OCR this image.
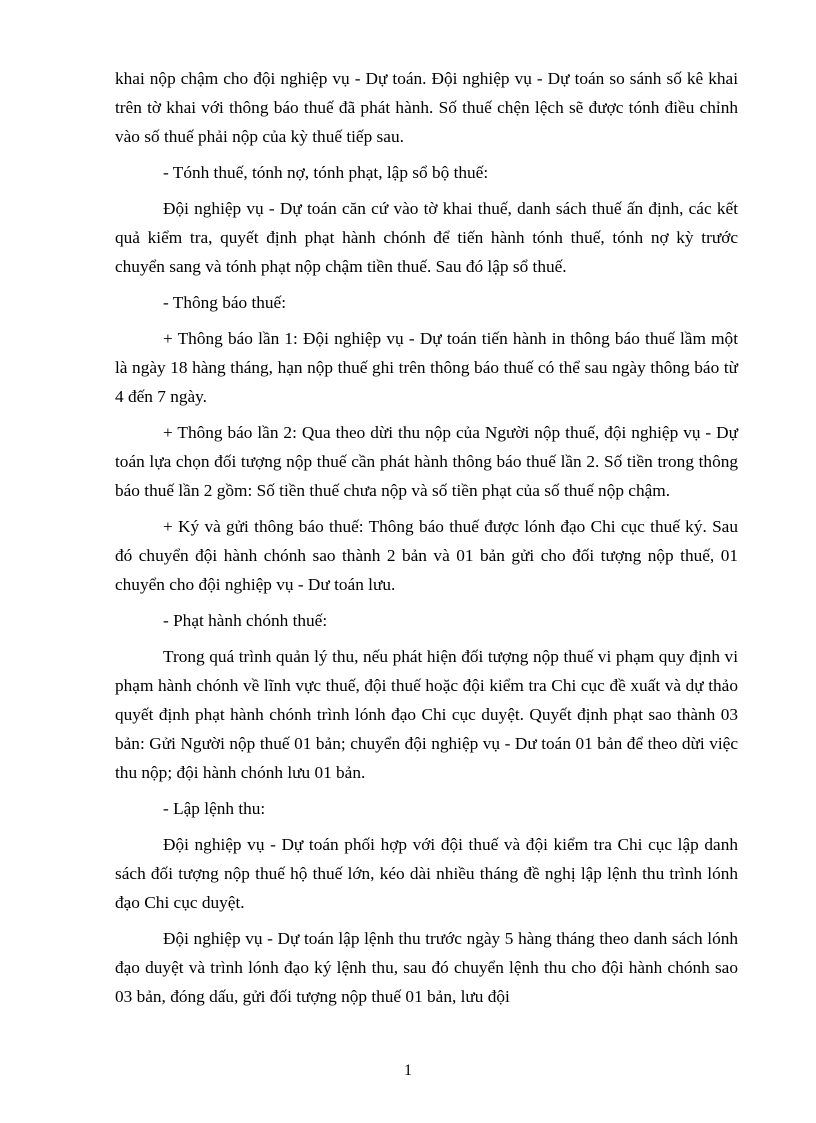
khai nộp chậm cho đội nghiệp vụ - Dự toán. Đội nghiệp vụ - Dự toán so sánh số kê khai trên tờ khai với thông báo thuế đã phát hành. Số thuế chện lệch sẽ được tónh điều chỉnh vào số thuế phải nộp của kỳ thuế tiếp sau.

- Tónh thuế, tónh nợ, tónh phạt, lập sổ bộ thuế:

Đội nghiệp vụ - Dự toán căn cứ vào tờ khai thuế, danh sách thuế ấn định, các kết quả kiểm tra, quyết định phạt hành chónh để tiến hành tónh thuế, tónh nợ kỳ trước chuyển sang và tónh phạt nộp chậm tiền thuế. Sau đó lập sổ thuế.

- Thông báo thuế:

+ Thông báo lần 1: Đội nghiệp vụ - Dự toán tiến hành in thông báo thuế lầm một là ngày 18 hàng tháng, hạn nộp thuế ghi trên thông báo thuế có thể sau ngày thông báo từ 4 đến 7 ngày.

+ Thông báo lần 2: Qua theo dừi thu nộp của Người nộp thuế, đội nghiệp vụ - Dự toán lựa chọn đối tượng nộp thuế cần phát hành thông báo thuế lần 2. Số tiền trong thông báo thuế lần 2 gồm: Số tiền thuế chưa nộp và số tiền phạt của số thuế nộp chậm.

+ Ký và gửi thông báo thuế: Thông báo thuế được lónh đạo Chi cục thuế ký. Sau đó chuyển đội hành chónh sao thành 2 bản và 01 bản gửi cho đối tượng nộp thuế, 01 chuyển cho đội nghiệp vụ - Dư toán lưu.

- Phạt hành chónh thuế:

Trong quá trình quản lý thu, nếu phát hiện đối tượng nộp thuế vi phạm quy định vi phạm hành chónh về lĩnh vực thuế, đội thuế hoặc đội kiểm tra Chi cục đề xuất và dự thảo quyết định phạt hành chónh trình lónh đạo Chi cục duyệt. Quyết định phạt sao thành 03 bản: Gửi Người nộp thuế 01 bản; chuyển đội nghiệp vụ - Dư toán 01 bản để theo dừi việc thu nộp; đội hành chónh lưu 01 bản.

- Lập lệnh thu:

Đội nghiệp vụ - Dự toán phối hợp với đội thuế và đội kiểm tra Chi cục lập danh sách đối tượng nộp thuế hộ thuế lớn, kéo dài nhiều tháng đề nghị lập lệnh thu trình lónh đạo Chi cục duyệt.

Đội nghiệp vụ - Dự toán lập lệnh thu trước ngày 5 hàng tháng theo danh sách lónh đạo duyệt và trình lónh đạo ký lệnh thu, sau đó chuyển lệnh thu cho đội hành chónh sao 03 bản, đóng dấu, gửi đối tượng nộp thuế 01 bản, lưu đội

1
